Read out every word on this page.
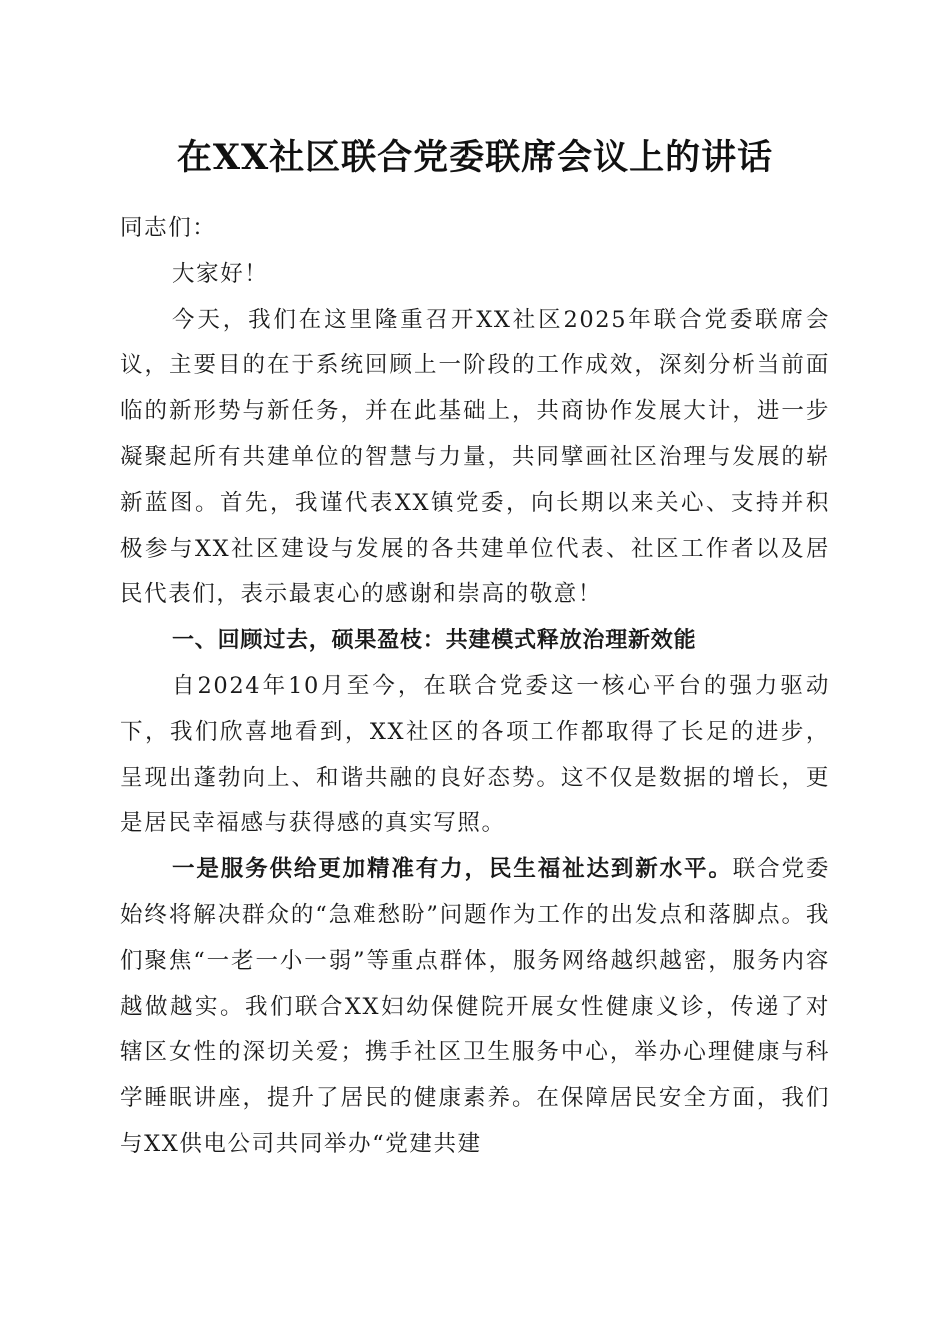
在XX社区联合党委联席会议上的讲话

同志们：

大家好！

今天，我们在这里隆重召开XX社区2025年联合党委联席会议，主要目的在于系统回顾上一阶段的工作成效，深刻分析当前面临的新形势与新任务，并在此基础上，共商协作发展大计，进一步凝聚起所有共建单位的智慧与力量，共同擘画社区治理与发展的崭新蓝图。首先，我谨代表XX镇党委，向长期以来关心、支持并积极参与XX社区建设与发展的各共建单位代表、社区工作者以及居民代表们，表示最衷心的感谢和崇高的敬意！

一、回顾过去，硕果盈枝：共建模式释放治理新效能

自2024年10月至今，在联合党委这一核心平台的强力驱动下，我们欣喜地看到，XX社区的各项工作都取得了长足的进步，呈现出蓬勃向上、和谐共融的良好态势。这不仅是数据的增长，更是居民幸福感与获得感的真实写照。

一是服务供给更加精准有力，民生福祉达到新水平。联合党委始终将解决群众的“急难愁盼”问题作为工作的出发点和落脚点。我们聚焦“一老一小一弱”等重点群体，服务网络越织越密，服务内容越做越实。我们联合XX妇幼保健院开展女性健康义诊，传递了对辖区女性的深切关爱；携手社区卫生服务中心，举办心理健康与科学睡眠讲座，提升了居民的健康素养。在保障居民安全方面，我们与XX供电公司共同举办“党建共建
